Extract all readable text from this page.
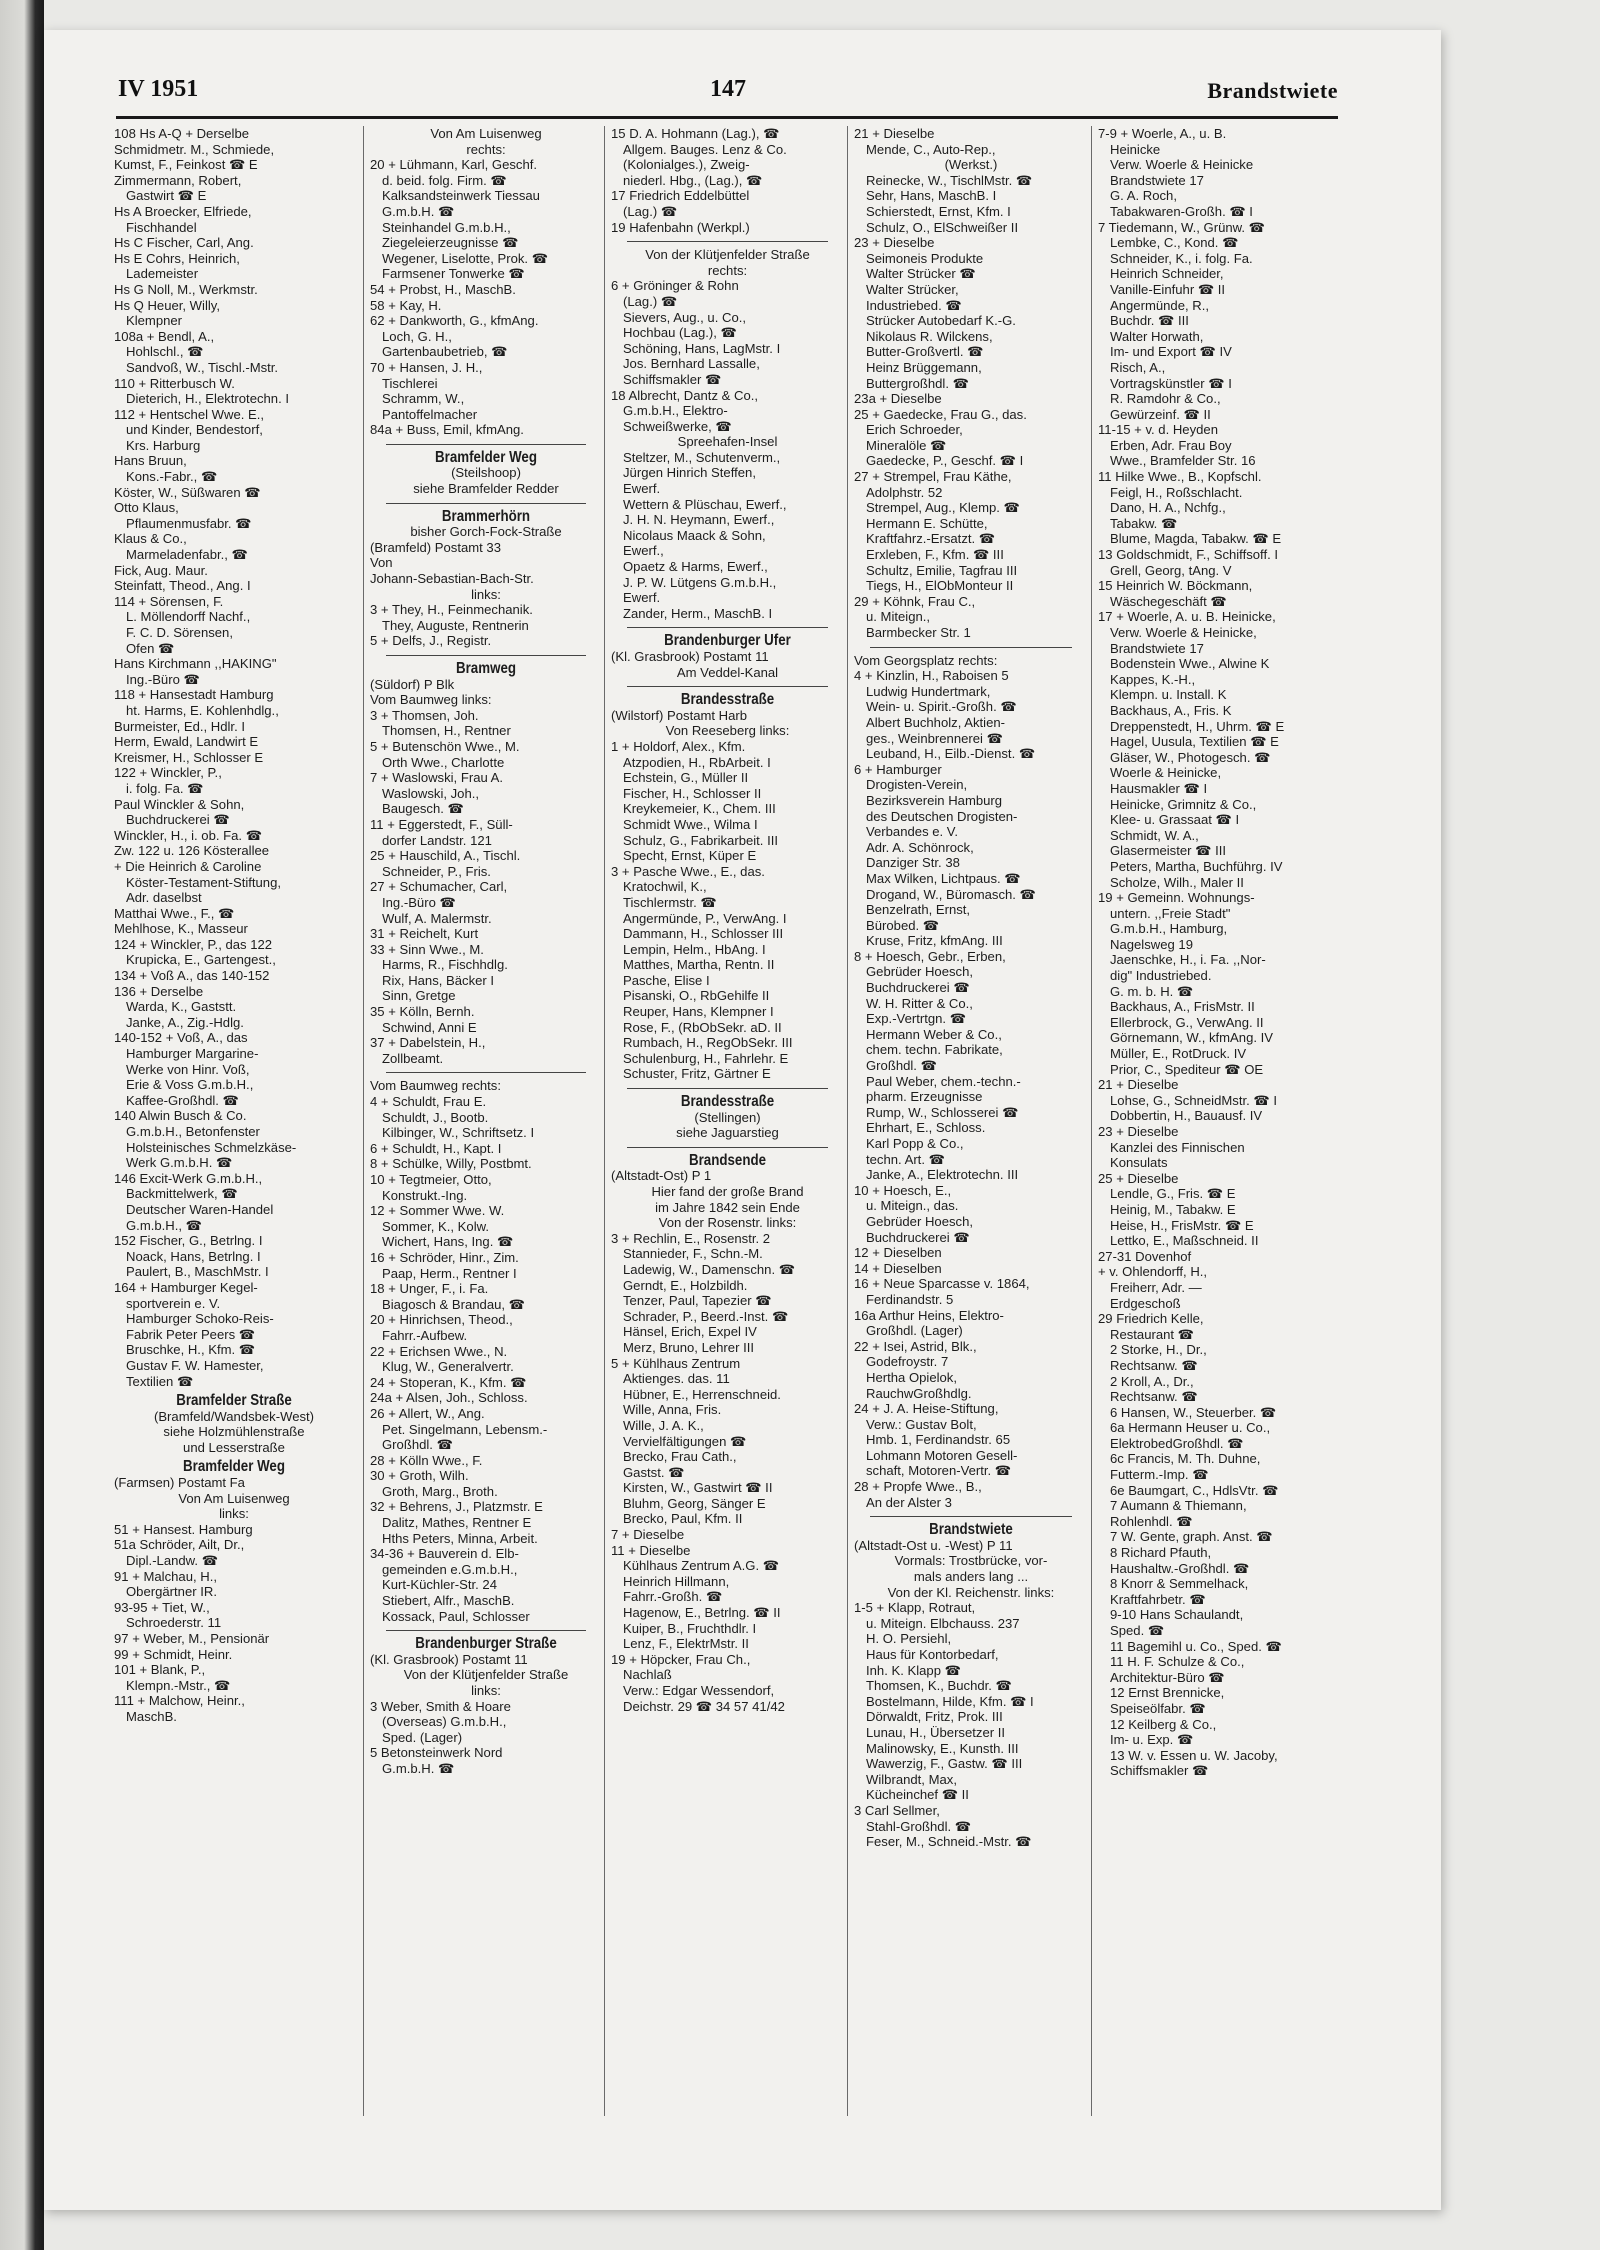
IV 1951	147	Brandstwiete
108 Hs A-Q + Derselbe
Schmidmetr. M., Schmiede,
Kumst, F., Feinkost ☎ E
Zimmermann, Robert,
Gastwirt ☎ E
Hs A Broecker, Elfriede,
Fischhandel
Hs C Fischer, Carl, Ang.
Hs E Cohrs, Heinrich,
Lademeister
Hs G Noll, M., Werkmstr.
Hs Q Heuer, Willy,
Klempner
108a + Bendl, A.,
Hohlschl., ☎
Sandvoß, W., Tischl.-Mstr.
110 + Ritterbusch W.
Dieterich, H., Elektrotechn. I
112 + Hentschel Wwe. E.,
und Kinder, Bendestorf,
Krs. Harburg
Hans Bruun,
Kons.-Fabr., ☎
Köster, W., Süßwaren ☎
Otto Klaus,
Pflaumenmusfabr. ☎
Klaus & Co.,
Marmeladenfabr., ☎
Fick, Aug. Maur.
Steinfatt, Theod., Ang. I
114 + Sörensen, F.
L. Möllendorff Nachf.,
F. C. D. Sörensen,
Ofen ☎
Hans Kirchmann ,,HAKING"
Ing.-Büro ☎
118 + Hansestadt Hamburg
ht. Harms, E. Kohlenhdlg.,
Burmeister, Ed., Hdlr. I
Herm, Ewald, Landwirt E
Kreismer, H., Schlosser E
122 + Winckler, P.,
i. folg. Fa. ☎
Paul Winckler & Sohn,
Buchdruckerei ☎
Winckler, H., i. ob. Fa. ☎
Zw. 122 u. 126 Kösterallee
+ Die Heinrich & Caroline
Köster-Testament-Stiftung,
Adr. daselbst
Matthai Wwe., F., ☎
Mehlhose, K., Masseur
124 + Winckler, P., das 122
Krupicka, E., Gartengest.,
134 + Voß A., das 140-152
136 + Derselbe
Warda, K., Gaststt.
Janke, A., Zig.-Hdlg.
140-152 + Voß, A., das
Hamburger Margarine-
Werke von Hinr. Voß,
Erie & Voss G.m.b.H.,
Kaffee-Großhdl. ☎
140 Alwin Busch & Co.
G.m.b.H., Betonfenster
Holsteinisches Schmelzkäse-
Werk G.m.b.H. ☎
146 Excit-Werk G.m.b.H.,
Backmittelwerk, ☎
Deutscher Waren-Handel
G.m.b.H., ☎
152 Fischer, G., Betrlng. I
Noack, Hans, Betrlng. I
Paulert, B., MaschMstr. I
164 + Hamburger Kegel-
sportverein e. V.
Hamburger Schoko-Reis-
Fabrik Peter Peers ☎
Bruschke, H., Kfm. ☎
Gustav F. W. Hamester,
Textilien ☎
Bramfelder Straße
(Bramfeld/Wandsbek-West)
siehe Holzmühlenstraße
und Lesserstraße
Bramfelder Weg
(Farmsen) Postamt Fa
Von Am Luisenweg
links:
51 + Hansest. Hamburg
51a Schröder, Ailt, Dr.,
Dipl.-Landw. ☎
91 + Malchau, H.,
Obergärtner IR.
93-95 + Tiet, W.,
Schroederstr. 11
97 + Weber, M., Pensionär
99 + Schmidt, Heinr.
101 + Blank, P.,
Klempn.-Mstr., ☎
111 + Malchow, Heinr.,
MaschB.
Von Am Luisenweg
rechts:
20 + Lühmann, Karl, Geschf.
d. beid. folg. Firm. ☎
Kalksandsteinwerk Tiessau
G.m.b.H. ☎
Steinhandel G.m.b.H.,
Ziegeleierzeugnisse ☎
Wegener, Liselotte, Prok. ☎
Farmsener Tonwerke ☎
54 + Probst, H., MaschB.
58 + Kay, H.
62 + Dankworth, G., kfmAng.
Loch, G. H.,
Gartenbaubetrieb, ☎
70 + Hansen, J. H.,
Tischlerei
Schramm, W.,
Pantoffelmacher
84a + Buss, Emil, kfmAng.
Bramfelder Weg
(Steilshoop)
siehe Bramfelder Redder
Brammerhörn
bisher Gorch-Fock-Straße
(Bramfeld) Postamt 33
Von
Johann-Sebastian-Bach-Str.
links:
3 + They, H., Feinmechanik.
They, Auguste, Rentnerin
5 + Delfs, J., Registr.
Bramweg
(Süldorf) P Blk
Vom Baumweg links:
3 + Thomsen, Joh.
Thomsen, H., Rentner
5 + Butenschön Wwe., M.
Orth Wwe., Charlotte
7 + Waslowski, Frau A.
Waslowski, Joh.,
Baugesch. ☎
11 + Eggerstedt, F., Süll-
dorfer Landstr. 121
25 + Hauschild, A., Tischl.
Schneider, P., Fris.
27 + Schumacher, Carl,
Ing.-Büro ☎
Wulf, A. Malermstr.
31 + Reichelt, Kurt
33 + Sinn Wwe., M.
Harms, R., Fischhdlg.
Rix, Hans, Bäcker I
Sinn, Gretge
35 + Kölln, Bernh.
Schwind, Anni E
37 + Dabelstein, H.,
Zollbeamt.
Vom Baumweg rechts:
4 + Schuldt, Frau E.
Schuldt, J., Bootb.
Kilbinger, W., Schriftsetz. I
6 + Schuldt, H., Kapt. I
8 + Schülke, Willy, Postbmt.
10 + Tegtmeier, Otto,
Konstrukt.-Ing.
12 + Sommer Wwe. W.
Sommer, K., Kolw.
Wichert, Hans, Ing. ☎
16 + Schröder, Hinr., Zim.
Paap, Herm., Rentner I
18 + Unger, F., i. Fa.
Biagosch & Brandau, ☎
20 + Hinrichsen, Theod.,
Fahrr.-Aufbew.
22 + Erichsen Wwe., N.
Klug, W., Generalvertr.
24 + Stoperan, K., Kfm. ☎
24a + Alsen, Joh., Schloss.
26 + Allert, W., Ang.
Pet. Singelmann, Lebensm.-
Großhdl. ☎
28 + Kölln Wwe., F.
30 + Groth, Wilh.
Groth, Marg., Broth.
32 + Behrens, J., Platzmstr. E
Dalitz, Mathes, Rentner E
Hths Peters, Minna, Arbeit.
34-36 + Bauverein d. Elb-
gemeinden e.G.m.b.H.,
Kurt-Küchler-Str. 24
Stiebert, Alfr., MaschB.
Kossack, Paul, Schlosser
Brandenburger Straße
(Kl. Grasbrook) Postamt 11
Von der Klütjenfelder Straße
links:
3 Weber, Smith & Hoare
(Overseas) G.m.b.H.,
Sped. (Lager)
5 Betonsteinwerk Nord
G.m.b.H. ☎
15 D. A. Hohmann (Lag.), ☎
Allgem. Bauges. Lenz & Co.
(Kolonialges.), Zweig-
niederl. Hbg., (Lag.), ☎
17 Friedrich Eddelbüttel
(Lag.) ☎
19 Hafenbahn (Werkpl.)
Von der Klütjenfelder Straße
rechts:
6 + Gröninger & Rohn
(Lag.) ☎
Sievers, Aug., u. Co.,
Hochbau (Lag.), ☎
Schöning, Hans, LagMstr. I
Jos. Bernhard Lassalle,
Schiffsmakler ☎
18 Albrecht, Dantz & Co.,
G.m.b.H., Elektro-
Schweißwerke, ☎
Spreehafen-Insel
Steltzer, M., Schutenverm.,
Jürgen Hinrich Steffen,
Ewerf.
Wettern & Plüschau, Ewerf.,
J. H. N. Heymann, Ewerf.,
Nicolaus Maack & Sohn,
Ewerf.,
Opaetz & Harms, Ewerf.,
J. P. W. Lütgens G.m.b.H.,
Ewerf.
Zander, Herm., MaschB. I
Brandenburger Ufer
(Kl. Grasbrook) Postamt 11
Am Veddel-Kanal
Brandesstraße
(Wilstorf) Postamt Harb
Von Reeseberg links:
1 + Holdorf, Alex., Kfm.
Atzpodien, H., RbArbeit. I
Echstein, G., Müller II
Fischer, H., Schlosser II
Kreykemeier, K., Chem. III
Schmidt Wwe., Wilma I
Schulz, G., Fabrikarbeit. III
Specht, Ernst, Küper E
3 + Pasche Wwe., E., das.
Kratochwil, K.,
Tischlermstr. ☎
Angermünde, P., VerwAng. I
Dammann, H., Schlosser III
Lempin, Helm., HbAng. I
Matthes, Martha, Rentn. II
Pasche, Elise I
Pisanski, O., RbGehilfe II
Reuper, Hans, Klempner I
Rose, F., (RbObSekr. aD. II
Rumbach, H., RegObSekr. III
Schulenburg, H., Fahrlehr. E
Schuster, Fritz, Gärtner E
Brandesstraße
(Stellingen)
siehe Jaguarstieg
Brandsende
(Altstadt-Ost) P 1
Hier fand der große Brand
im Jahre 1842 sein Ende
Von der Rosenstr. links:
3 + Rechlin, E., Rosenstr. 2
Stannieder, F., Schn.-M.
Ladewig, W., Damenschn. ☎
Gerndt, E., Holzbildh.
Tenzer, Paul, Tapezier ☎
Schrader, P., Beerd.-Inst. ☎
Hänsel, Erich, Expel IV
Merz, Bruno, Lehrer III
5 + Kühlhaus Zentrum
Aktienges. das. 11
Hübner, E., Herrenschneid.
Wille, Anna, Fris.
Wille, J. A. K.,
Vervielfältigungen ☎
Brecko, Frau Cath.,
Gastst. ☎
Kirsten, W., Gastwirt ☎ II
Bluhm, Georg, Sänger E
Brecko, Paul, Kfm. II
7 + Dieselbe
11 + Dieselbe
Kühlhaus Zentrum A.G. ☎
Heinrich Hillmann,
Fahrr.-Großh. ☎
Hagenow, E., Betrlng. ☎ II
Kuiper, B., Fruchthdlr. I
Lenz, F., ElektrMstr. II
19 + Höpcker, Frau Ch.,
Nachlaß
Verw.: Edgar Wessendorf,
Deichstr. 29 ☎ 34 57 41/42
21 + Dieselbe
Mende, C., Auto-Rep.,
(Werkst.)
Reinecke, W., TischlMstr. ☎
Sehr, Hans, MaschB. I
Schierstedt, Ernst, Kfm. I
Schulz, O., ElSchweißer II
23 + Dieselbe
Seimoneis Produkte
Walter Strücker ☎
Walter Strücker,
Industriebed. ☎
Strücker Autobedarf K.-G.
Nikolaus R. Wilckens,
Butter-Großvertl. ☎
Heinz Brüggemann,
Buttergroßhdl. ☎
23a + Dieselbe
25 + Gaedecke, Frau G., das.
Erich Schroeder,
Mineralöle ☎
Gaedecke, P., Geschf. ☎ I
27 + Strempel, Frau Käthe,
Adolphstr. 52
Strempel, Aug., Klemp. ☎
Hermann E. Schütte,
Kraftfahrz.-Ersatzt. ☎
Erxleben, F., Kfm. ☎ III
Schultz, Emilie, Tagfrau III
Tiegs, H., ElObMonteur II
29 + Köhnk, Frau C.,
u. Miteign.,
Barmbecker Str. 1
Vom Georgsplatz rechts:
4 + Kinzlin, H., Raboisen 5
Ludwig Hundertmark,
Wein- u. Spirit.-Großh. ☎
Albert Buchholz, Aktien-
ges., Weinbrennerei ☎
Leuband, H., Eilb.-Dienst. ☎
6 + Hamburger
Drogisten-Verein,
Bezirksverein Hamburg
des Deutschen Drogisten-
Verbandes e. V.
Adr. A. Schönrock,
Danziger Str. 38
Max Wilken, Lichtpaus. ☎
Drogand, W., Büromasch. ☎
Benzelrath, Ernst,
Bürobed. ☎
Kruse, Fritz, kfmAng. III
8 + Hoesch, Gebr., Erben,
Gebrüder Hoesch,
Buchdruckerei ☎
W. H. Ritter & Co.,
Exp.-Vertrtgn. ☎
Hermann Weber & Co.,
chem. techn. Fabrikate,
Großhdl. ☎
Paul Weber, chem.-techn.-
pharm. Erzeugnisse
Rump, W., Schlosserei ☎
Ehrhart, E., Schloss.
Karl Popp & Co.,
techn. Art. ☎
Janke, A., Elektrotechn. III
10 + Hoesch, E.,
u. Miteign., das.
Gebrüder Hoesch,
Buchdruckerei ☎
12 + Dieselben
14 + Dieselben
16 + Neue Sparcasse v. 1864,
Ferdinandstr. 5
16a Arthur Heins, Elektro-
Großhdl. (Lager)
22 + Isei, Astrid, Blk.,
Godefroystr. 7
Hertha Opielok,
RauchwGroßhdlg.
24 + J. A. Heise-Stiftung,
Verw.: Gustav Bolt,
Hmb. 1, Ferdinandstr. 65
Lohmann Motoren Gesell-
schaft, Motoren-Vertr. ☎
28 + Propfe Wwe., B.,
An der Alster 3
Brandstwiete
(Altstadt-Ost u. -West) P 11
Vormals: Trostbrücke, vor-
mals anders lang ...
Von der Kl. Reichenstr. links:
1-5 + Klapp, Rotraut,
u. Miteign. Elbchauss. 237
H. O. Persiehl,
Haus für Kontorbedarf,
Inh. K. Klapp ☎
Thomsen, K., Buchdr. ☎
Bostelmann, Hilde, Kfm. ☎ I
Dörwaldt, Fritz, Prok. III
Lunau, H., Übersetzer II
Malinowsky, E., Kunsth. III
Wawerzig, F., Gastw. ☎ III
Wilbrandt, Max,
Kücheinchef ☎ II
3 Carl Sellmer,
Stahl-Großhdl. ☎
Feser, M., Schneid.-Mstr. ☎
7-9 + Woerle, A., u. B.
Heinicke
Verw. Woerle & Heinicke
Brandstwiete 17
G. A. Roch,
Tabakwaren-Großh. ☎ I
7 Tiedemann, W., Grünw. ☎
Lembke, C., Kond. ☎
Schneider, K., i. folg. Fa.
Heinrich Schneider,
Vanille-Einfuhr ☎ II
Angermünde, R.,
Buchdr. ☎ III
Walter Horwath,
Im- und Export ☎ IV
Risch, A.,
Vortragskünstler ☎ I
R. Ramdohr & Co.,
Gewürzeinf. ☎ II
11-15 + v. d. Heyden
Erben, Adr. Frau Boy
Wwe., Bramfelder Str. 16
11 Hilke Wwe., B., Kopfschl.
Feigl, H., Roßschlacht.
Dano, H. A., Nchfg.,
Tabakw. ☎
Blume, Magda, Tabakw. ☎ E
13 Goldschmidt, F., Schiffsoff. I
Grell, Georg, tAng. V
15 Heinrich W. Böckmann,
Wäschegeschäft ☎
17 + Woerle, A. u. B. Heinicke,
Verw. Woerle & Heinicke,
Brandstwiete 17
Bodenstein Wwe., Alwine K
Kappes, K.-H.,
Klempn. u. Install. K
Backhaus, A., Fris. K
Dreppenstedt, H., Uhrm. ☎ E
Hagel, Uusula, Textilien ☎ E
Gläser, W., Photogesch. ☎
Woerle & Heinicke,
Hausmakler ☎ I
Heinicke, Grimnitz & Co.,
Klee- u. Grassaat ☎ I
Schmidt, W. A.,
Glasermeister ☎ III
Peters, Martha, Buchführg. IV
Scholze, Wilh., Maler II
19 + Gemeinn. Wohnungs-
untern. ,,Freie Stadt"
G.m.b.H., Hamburg,
Nagelsweg 19
Jaenschke, H., i. Fa. ,,Nor-
dig" Industriebed.
G. m. b. H. ☎
Backhaus, A., FrisMstr. II
Ellerbrock, G., VerwAng. II
Görnemann, W., kfmAng. IV
Müller, E., RotDruck. IV
Prior, C., Spediteur ☎ OE
21 + Dieselbe
Lohse, G., SchneidMstr. ☎ I
Dobbertin, H., Bauausf. IV
23 + Dieselbe
Kanzlei des Finnischen
Konsulats
25 + Dieselbe
Lendle, G., Fris. ☎ E
Heinig, M., Tabakw. E
Heise, H., FrisMstr. ☎ E
Lettko, E., Maßschneid. II
27-31 Dovenhof
+ v. Ohlendorff, H.,
Freiherr, Adr. —
Erdgeschoß
29 Friedrich Kelle,
Restaurant ☎
2 Storke, H., Dr.,
Rechtsanw. ☎
2 Kroll, A., Dr.,
Rechtsanw. ☎
6 Hansen, W., Steuerber. ☎
6a Hermann Heuser u. Co.,
ElektrobedGroßhdl. ☎
6c Francis, M. Th. Duhne,
Futterm.-Imp. ☎
6e Baumgart, C., HdlsVtr. ☎
7 Aumann & Thiemann,
Rohlenhdl. ☎
7 W. Gente, graph. Anst. ☎
8 Richard Pfauth,
Haushaltw.-Großhdl. ☎
8 Knorr & Semmelhack,
Kraftfahrbetr. ☎
9-10 Hans Schaulandt,
Sped. ☎
11 Bagemihl u. Co., Sped. ☎
11 H. F. Schulze & Co.,
Architektur-Büro ☎
12 Ernst Brennicke,
Speiseölfabr. ☎
12 Keilberg & Co.,
Im- u. Exp. ☎
13 W. v. Essen u. W. Jacoby,
Schiffsmakler ☎
